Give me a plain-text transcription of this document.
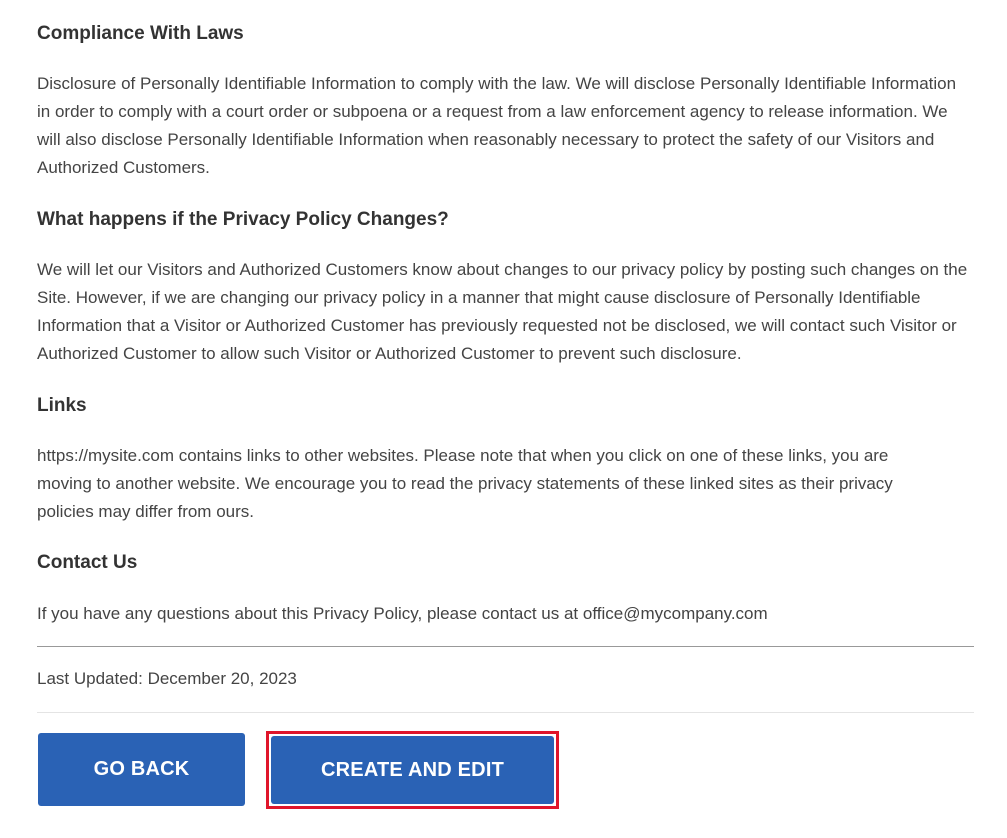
Compliance With Laws

Disclosure of Personally Identifiable Information to comply with the law. We will disclose Personally Identifiable Information in order to comply with a court order or subpoena or a request from a law enforcement agency to release information. We will also disclose Personally Identifiable Information when reasonably necessary to protect the safety of our Visitors and Authorized Customers.

What happens if the Privacy Policy Changes?

We will let our Visitors and Authorized Customers know about changes to our privacy policy by posting such changes on the Site. However, if we are changing our privacy policy in a manner that might cause disclosure of Personally Identifiable Information that a Visitor or Authorized Customer has previously requested not be disclosed, we will contact such Visitor or Authorized Customer to allow such Visitor or Authorized Customer to prevent such disclosure.

Links

https://mysite.com contains links to other websites. Please note that when you click on one of these links, you are moving to another website. We encourage you to read the privacy statements of these linked sites as their privacy policies may differ from ours.

Contact Us

If you have any questions about this Privacy Policy, please contact us at office@mycompany.com

Last Updated: December 20, 2023

GO BACK	CREATE AND EDIT
